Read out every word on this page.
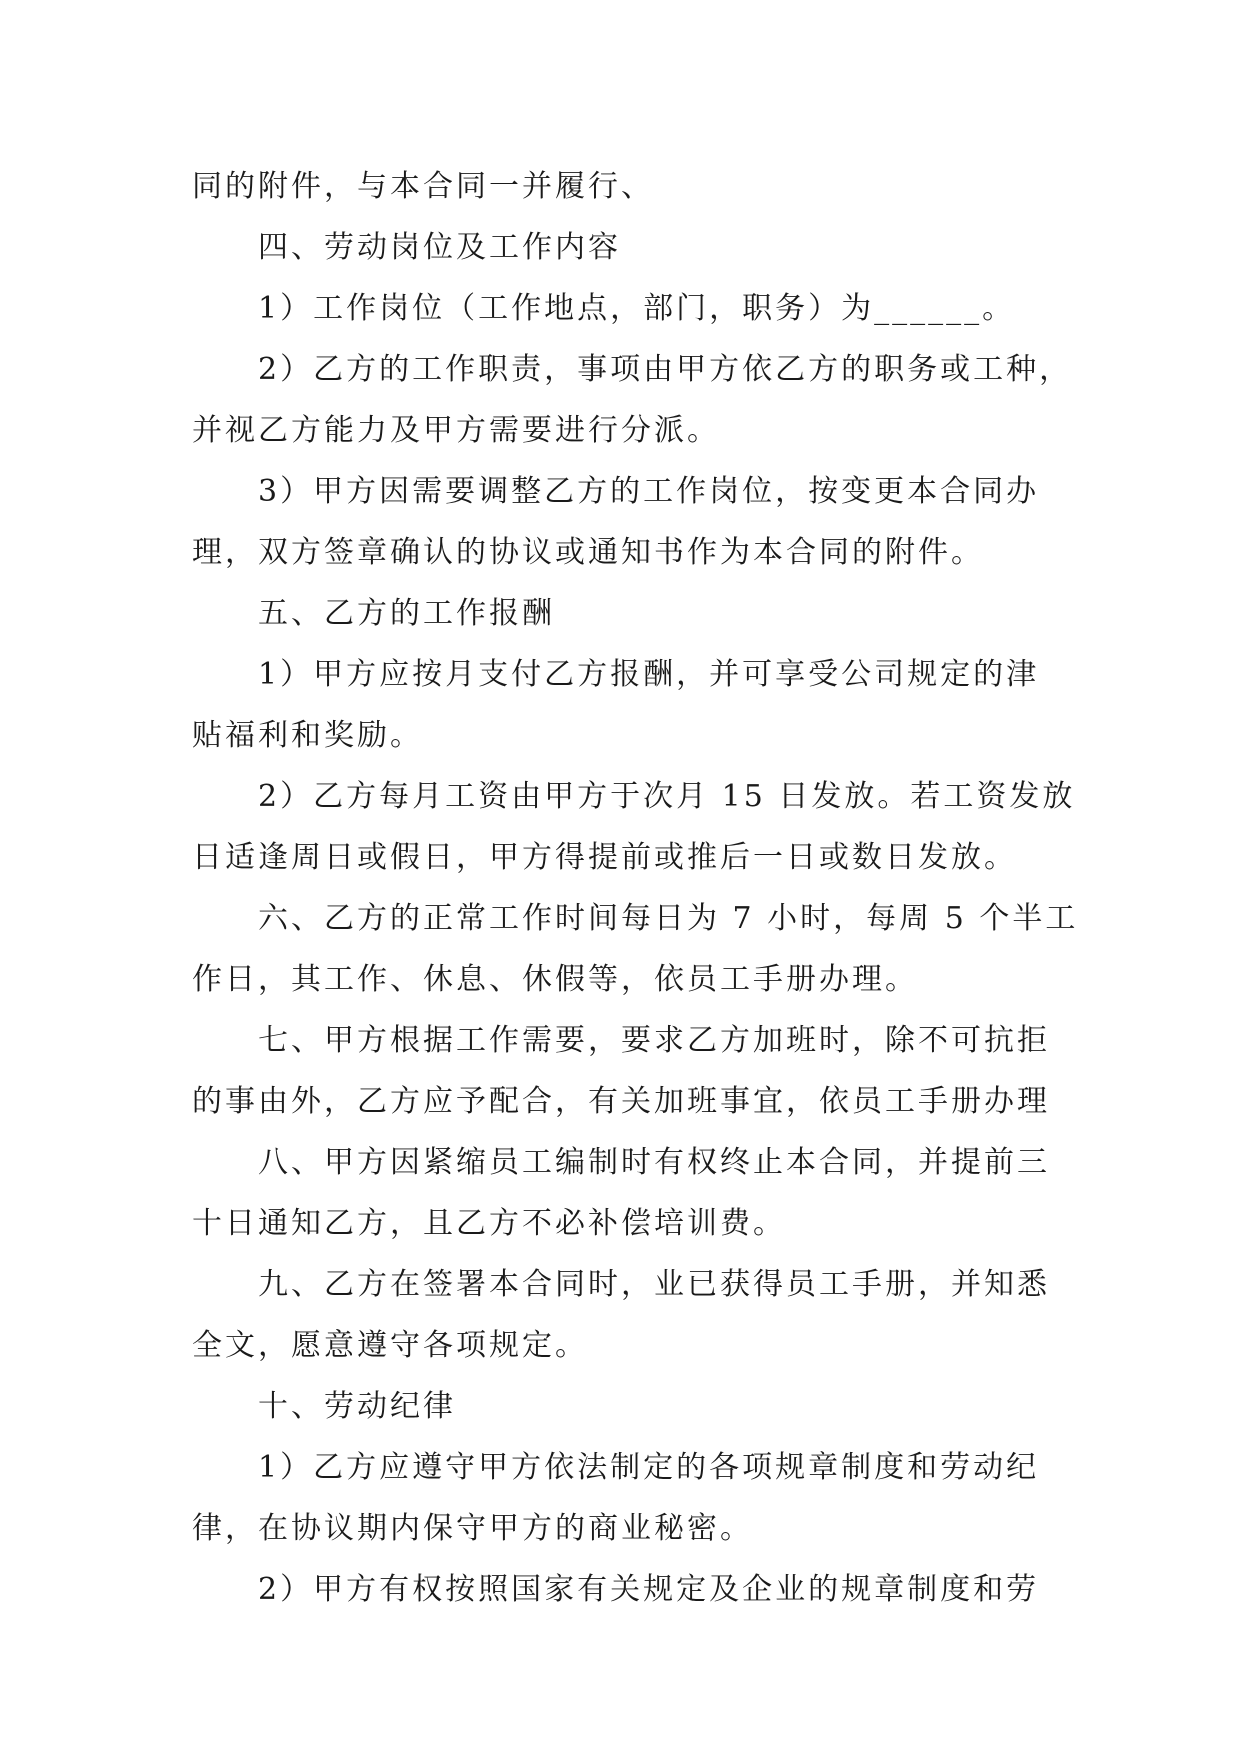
同的附件，与本合同一并履行、
四、劳动岗位及工作内容
1）工作岗位（工作地点，部门，职务）为______。
2）乙方的工作职责，事项由甲方依乙方的职务或工种，
并视乙方能力及甲方需要进行分派。
3）甲方因需要调整乙方的工作岗位，按变更本合同办
理，双方签章确认的协议或通知书作为本合同的附件。
五、乙方的工作报酬
1）甲方应按月支付乙方报酬，并可享受公司规定的津
贴福利和奖励。
2）乙方每月工资由甲方于次月 15 日发放。若工资发放
日适逢周日或假日，甲方得提前或推后一日或数日发放。
六、乙方的正常工作时间每日为 7 小时，每周 5 个半工
作日，其工作、休息、休假等，依员工手册办理。
七、甲方根据工作需要，要求乙方加班时，除不可抗拒
的事由外，乙方应予配合，有关加班事宜，依员工手册办理
八、甲方因紧缩员工编制时有权终止本合同，并提前三
十日通知乙方，且乙方不必补偿培训费。
九、乙方在签署本合同时，业已获得员工手册，并知悉
全文，愿意遵守各项规定。
十、劳动纪律
1）乙方应遵守甲方依法制定的各项规章制度和劳动纪
律，在协议期内保守甲方的商业秘密。
2）甲方有权按照国家有关规定及企业的规章制度和劳
